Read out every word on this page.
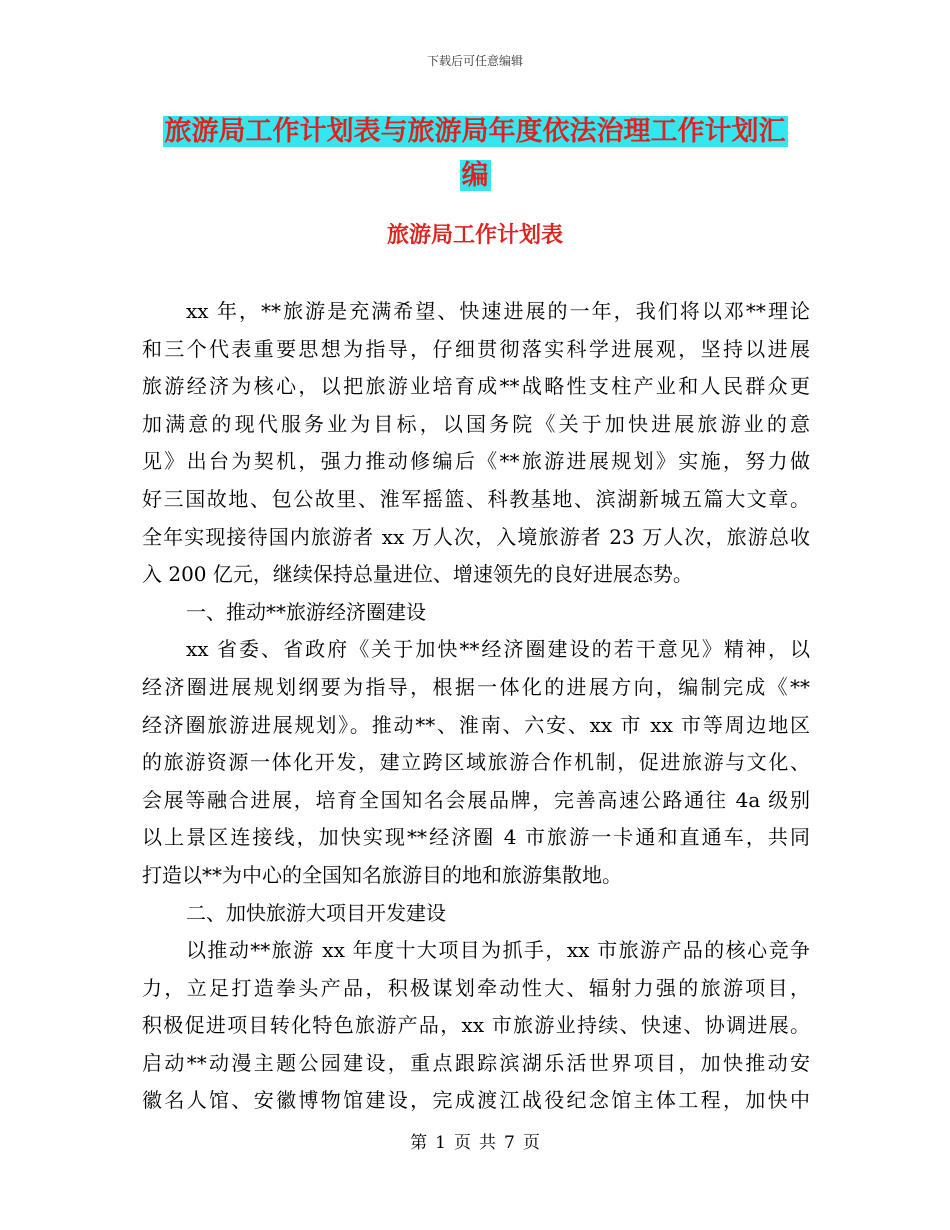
下载后可任意编辑
旅游局工作计划表与旅游局年度依法治理工作计划汇
编
旅游局工作计划表
xx 年，**旅游是充满希望、快速进展的一年，我们将以邓**理论
和三个代表重要思想为指导，仔细贯彻落实科学进展观，坚持以进展
旅游经济为核心，以把旅游业培育成**战略性支柱产业和人民群众更
加满意的现代服务业为目标，以国务院《关于加快进展旅游业的意
见》出台为契机，强力推动修编后《**旅游进展规划》实施，努力做
好三国故地、包公故里、淮军摇篮、科教基地、滨湖新城五篇大文章。
全年实现接待国内旅游者 xx 万人次，入境旅游者 23 万人次，旅游总收
入 200 亿元，继续保持总量进位、增速领先的良好进展态势。
一、推动**旅游经济圈建设
xx 省委、省政府《关于加快**经济圈建设的若干意见》精神，以
经济圈进展规划纲要为指导，根据一体化的进展方向，编制完成《**
经济圈旅游进展规划》。推动**、淮南、六安、xx 市 xx 市等周边地区
的旅游资源一体化开发，建立跨区域旅游合作机制，促进旅游与文化、
会展等融合进展，培育全国知名会展品牌，完善高速公路通往 4a 级别
以上景区连接线，加快实现**经济圈 4 市旅游一卡通和直通车，共同
打造以**为中心的全国知名旅游目的地和旅游集散地。
二、加快旅游大项目开发建设
以推动**旅游 xx 年度十大项目为抓手，xx 市旅游产品的核心竞争
力，立足打造拳头产品，积极谋划牵动性大、辐射力强的旅游项目，
积极促进项目转化特色旅游产品，xx 市旅游业持续、快速、协调进展。
启动**动漫主题公园建设，重点跟踪滨湖乐活世界项目，加快推动安
徽名人馆、安徽博物馆建设，完成渡江战役纪念馆主体工程，加快中
第 1 页 共 7 页
